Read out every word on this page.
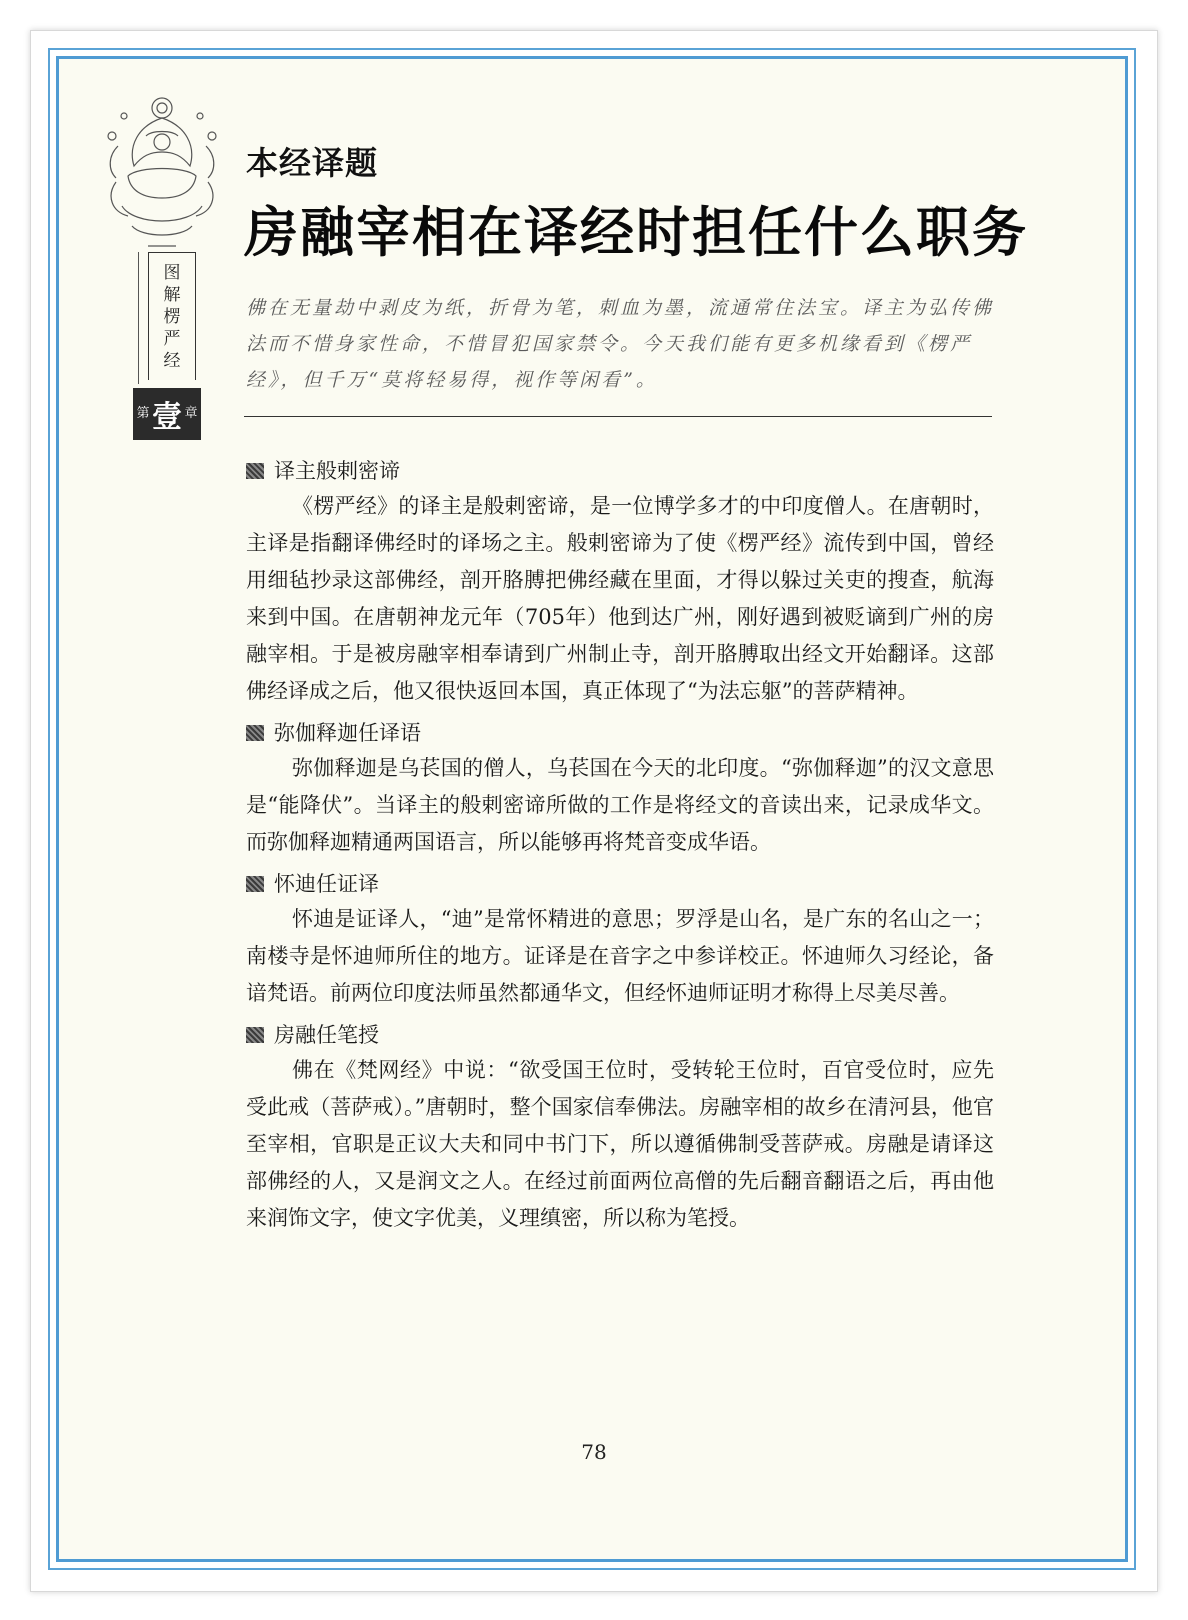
图
解
楞
严
经
第 壹 章
本经译题
房融宰相在译经时担任什么职务
佛在无量劫中剥皮为纸，折骨为笔，刺血为墨，流通常住法宝。译主为弘传佛法而不惜身家性命，不惜冒犯国家禁令。今天我们能有更多机缘看到《楞严经》，但千万“莫将轻易得，视作等闲看”。
译主般剌密谛

《楞严经》的译主是般剌密谛，是一位博学多才的中印度僧人。在唐朝时，主译是指翻译佛经时的译场之主。般剌密谛为了使《楞严经》流传到中国，曾经用细毡抄录这部佛经，剖开胳膊把佛经藏在里面，才得以躲过关吏的搜查，航海来到中国。在唐朝神龙元年（705年）他到达广州，刚好遇到被贬谪到广州的房融宰相。于是被房融宰相奉请到广州制止寺，剖开胳膊取出经文开始翻译。这部佛经译成之后，他又很快返回本国，真正体现了“为法忘躯”的菩萨精神。

弥伽释迦任译语

弥伽释迦是乌苌国的僧人，乌苌国在今天的北印度。“弥伽释迦”的汉文意思是“能降伏”。当译主的般剌密谛所做的工作是将经文的音读出来，记录成华文。而弥伽释迦精通两国语言，所以能够再将梵音变成华语。

怀迪任证译

怀迪是证译人，“迪”是常怀精进的意思；罗浮是山名，是广东的名山之一；南楼寺是怀迪师所住的地方。证译是在音字之中参详校正。怀迪师久习经论，备谙梵语。前两位印度法师虽然都通华文，但经怀迪师证明才称得上尽美尽善。

房融任笔授

佛在《梵网经》中说：“欲受国王位时，受转轮王位时，百官受位时，应先受此戒（菩萨戒）。”唐朝时，整个国家信奉佛法。房融宰相的故乡在清河县，他官至宰相，官职是正议大夫和同中书门下，所以遵循佛制受菩萨戒。房融是请译这部佛经的人，又是润文之人。在经过前面两位高僧的先后翻音翻语之后，再由他来润饰文字，使文字优美，义理缜密，所以称为笔授。

78
